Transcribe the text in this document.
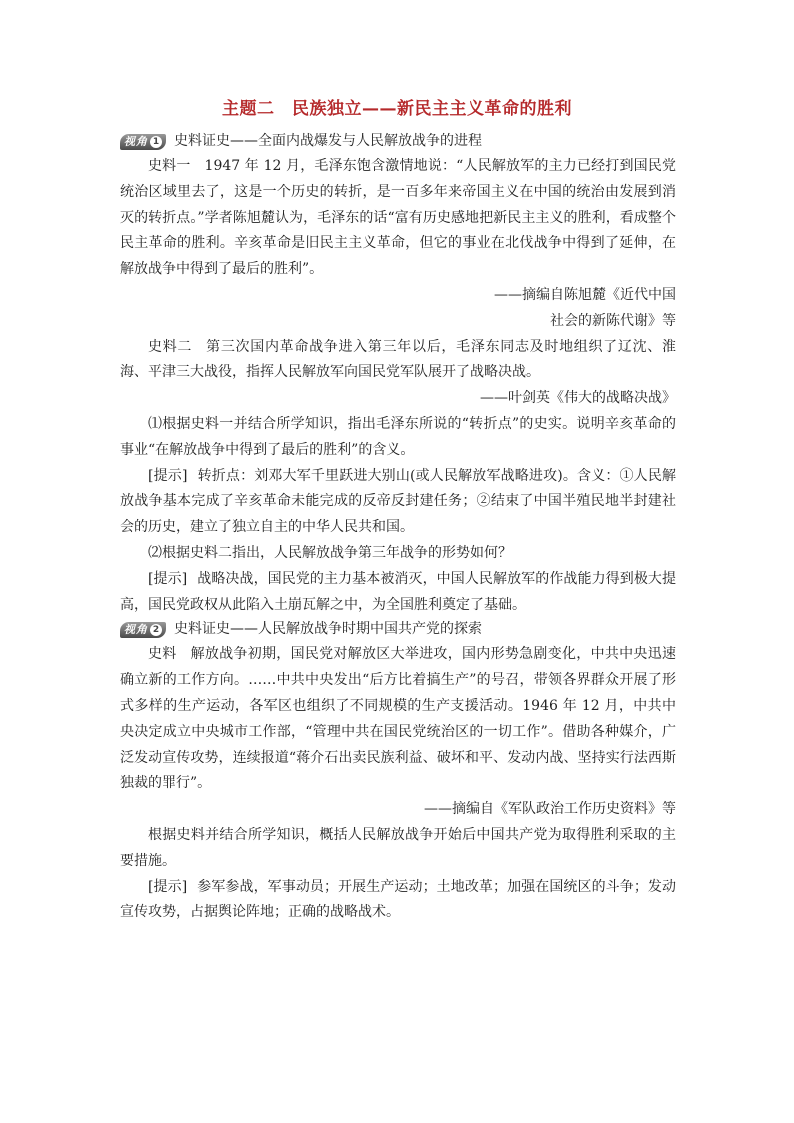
主题二　民族独立——新民主主义革命的胜利
视角 1 史料证史——全面内战爆发与人民解放战争的进程

史料一 1947 年 12 月，毛泽东饱含激情地说：“人民解放军的主力已经打到国民党统治区域里去了，这是一个历史的转折，是一百多年来帝国主义在中国的统治由发展到消灭的转折点。”学者陈旭麓认为，毛泽东的话“富有历史感地把新民主主义的胜利，看成整个民主革命的胜利。辛亥革命是旧民主主义革命，但它的事业在北伐战争中得到了延伸，在解放战争中得到了最后的胜利”。

——摘编自陈旭麓《近代中国

社会的新陈代谢》等

史料二 第三次国内革命战争进入第三年以后，毛泽东同志及时地组织了辽沈、淮海、平津三大战役，指挥人民解放军向国民党军队展开了战略决战。

——叶剑英《伟大的战略决战》

⑴根据史料一并结合所学知识，指出毛泽东所说的“转折点”的史实。说明辛亥革命的事业“在解放战争中得到了最后的胜利”的含义。

[提示] 转折点：刘邓大军千里跃进大别山(或人民解放军战略进攻)。含义：①人民解放战争基本完成了辛亥革命未能完成的反帝反封建任务；②结束了中国半殖民地半封建社会的历史，建立了独立自主的中华人民共和国。

⑵根据史料二指出，人民解放战争第三年战争的形势如何？

[提示] 战略决战，国民党的主力基本被消灭，中国人民解放军的作战能力得到极大提高，国民党政权从此陷入土崩瓦解之中，为全国胜利奠定了基础。

视角 2 史料证史——人民解放战争时期中国共产党的探索

史料 解放战争初期，国民党对解放区大举进攻，国内形势急剧变化，中共中央迅速确立新的工作方向。……中共中央发出“后方比着搞生产”的号召，带领各界群众开展了形式多样的生产运动，各军区也组织了不同规模的生产支援活动。1946 年 12 月，中共中央决定成立中央城市工作部，“管理中共在国民党统治区的一切工作”。借助各种媒介，广泛发动宣传攻势，连续报道“蒋介石出卖民族利益、破坏和平、发动内战、坚持实行法西斯独裁的罪行”。

——摘编自《军队政治工作历史资料》等

根据史料并结合所学知识，概括人民解放战争开始后中国共产党为取得胜利采取的主要措施。

[提示] 参军参战，军事动员；开展生产运动；土地改革；加强在国统区的斗争；发动宣传攻势，占据舆论阵地；正确的战略战术。
